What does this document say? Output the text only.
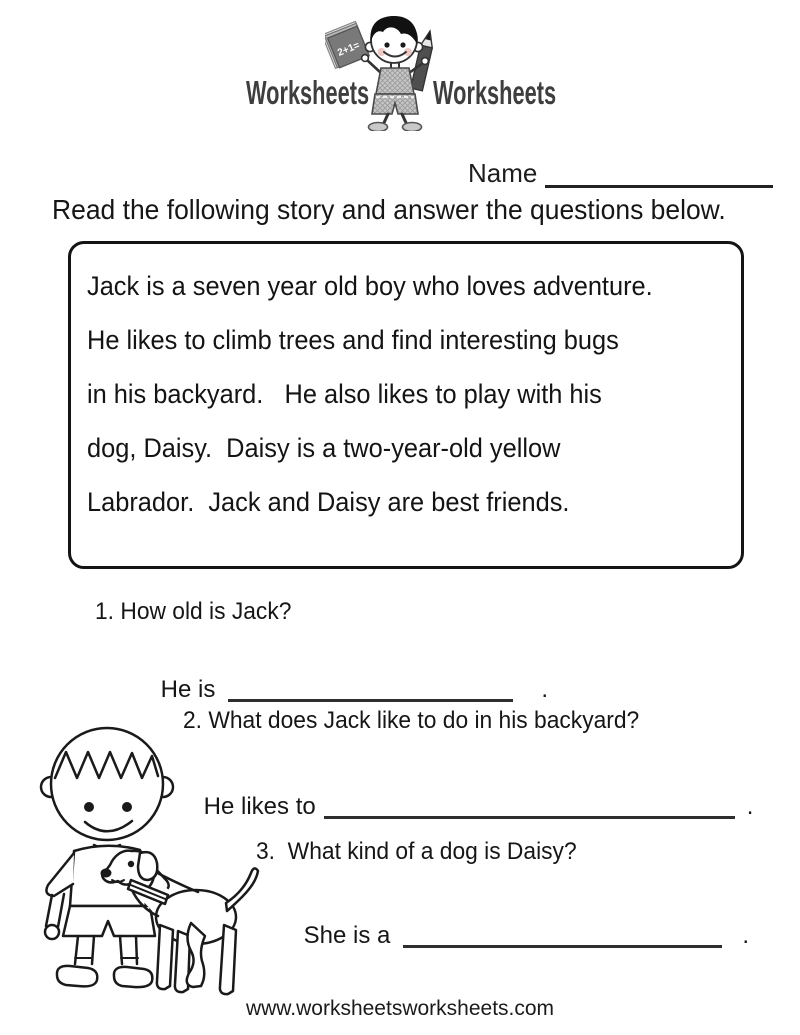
Worksheets
2+1=
Worksheets
Name
Read the following story and answer the questions below.
Jack is a seven year old boy who loves adventure.
He likes to climb trees and find interesting bugs
in his backyard.   He also likes to play with his
dog, Daisy.  Daisy is a two-year-old yellow
Labrador.  Jack and Daisy are best friends.
1. How old is Jack?

He is	.

2. What does Jack like to do in his backyard?

He likes to	.

3.  What kind of a dog is Daisy?

She is a	.

www.worksheetsworksheets.com
